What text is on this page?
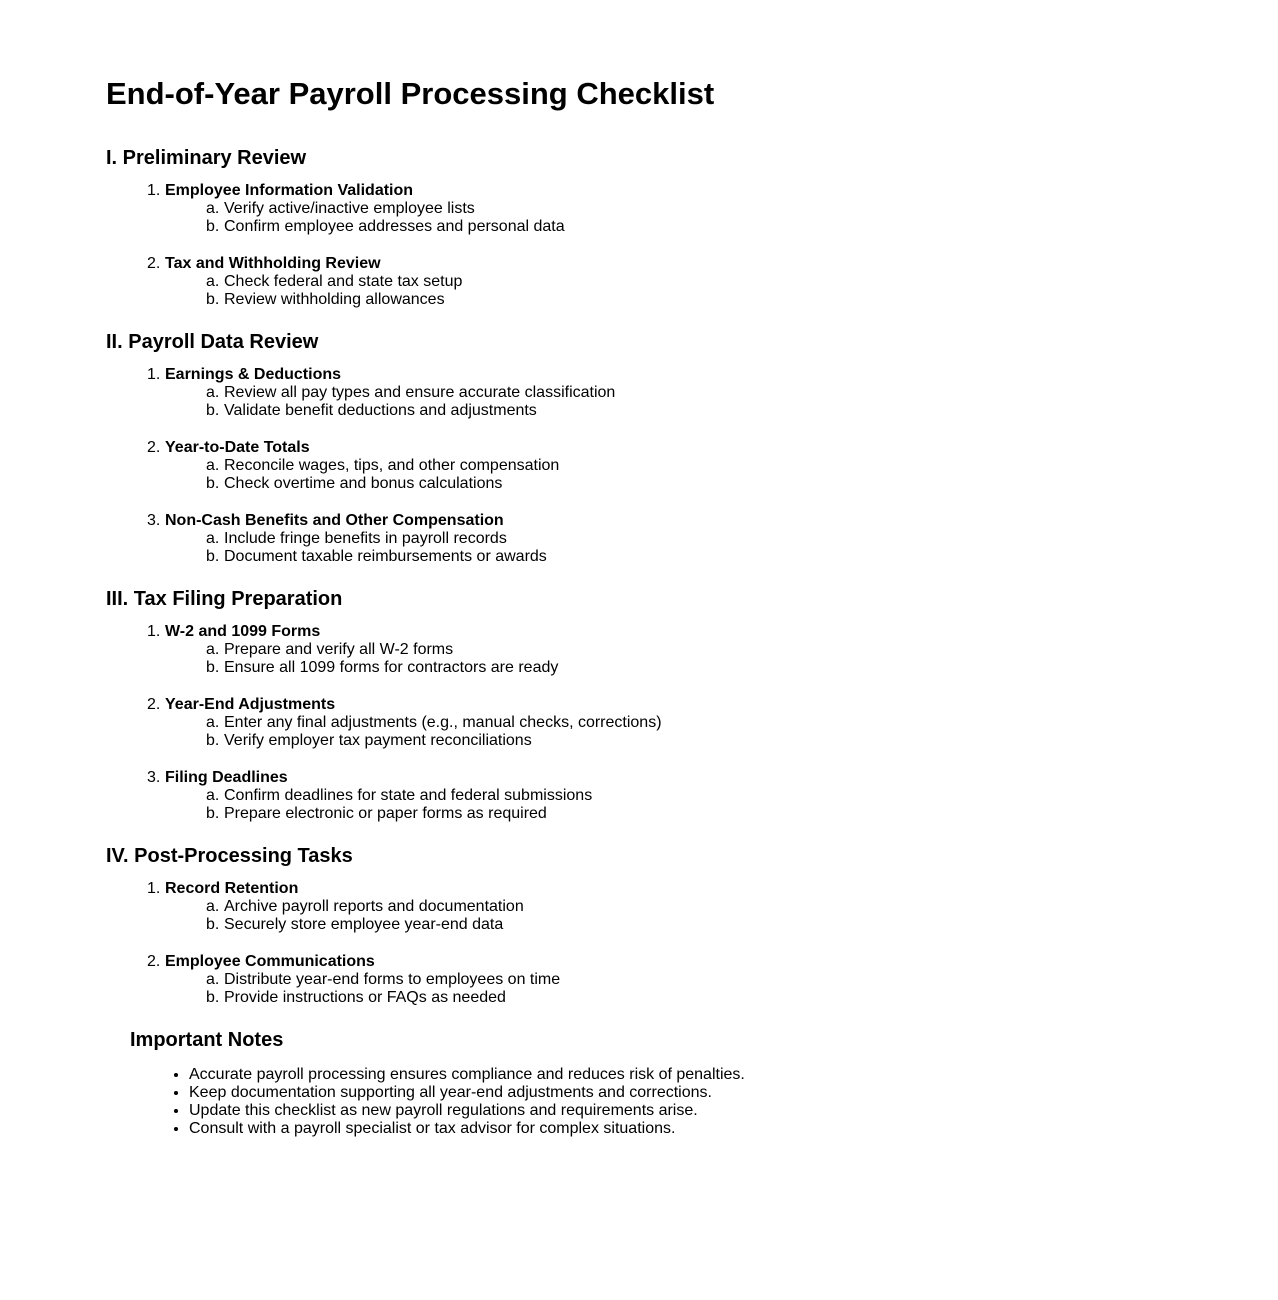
End-of-Year Payroll Processing Checklist
I. Preliminary Review
1. Employee Information Validation
a. Verify active/inactive employee lists
b. Confirm employee addresses and personal data
2. Tax and Withholding Review
a. Check federal and state tax setup
b. Review withholding allowances
II. Payroll Data Review
1. Earnings & Deductions
a. Review all pay types and ensure accurate classification
b. Validate benefit deductions and adjustments
2. Year-to-Date Totals
a. Reconcile wages, tips, and other compensation
b. Check overtime and bonus calculations
3. Non-Cash Benefits and Other Compensation
a. Include fringe benefits in payroll records
b. Document taxable reimbursements or awards
III. Tax Filing Preparation
1. W-2 and 1099 Forms
a. Prepare and verify all W-2 forms
b. Ensure all 1099 forms for contractors are ready
2. Year-End Adjustments
a. Enter any final adjustments (e.g., manual checks, corrections)
b. Verify employer tax payment reconciliations
3. Filing Deadlines
a. Confirm deadlines for state and federal submissions
b. Prepare electronic or paper forms as required
IV. Post-Processing Tasks
1. Record Retention
a. Archive payroll reports and documentation
b. Securely store employee year-end data
2. Employee Communications
a. Distribute year-end forms to employees on time
b. Provide instructions or FAQs as needed
Important Notes
• Accurate payroll processing ensures compliance and reduces risk of penalties.
• Keep documentation supporting all year-end adjustments and corrections.
• Update this checklist as new payroll regulations and requirements arise.
• Consult with a payroll specialist or tax advisor for complex situations.
